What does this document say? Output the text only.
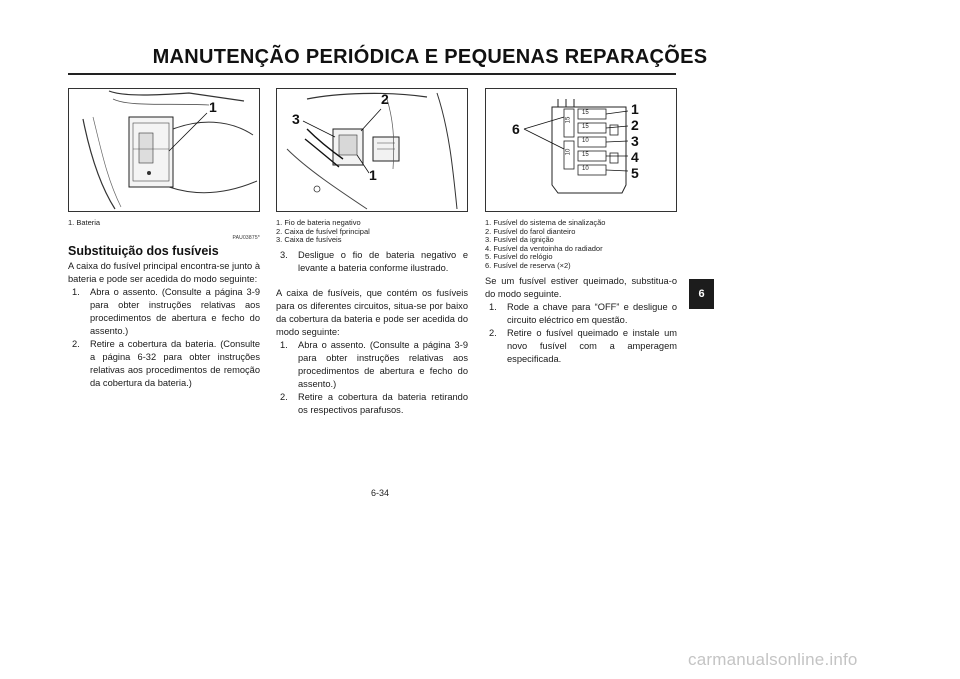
MANUTENÇÃO PERIÓDICA E PEQUENAS REPARAÇÕES
1
1. Bateria
PAU03875*
Substituição dos fusíveis
A caixa do fusível principal encontra-se junto à bateria e pode ser acedida do modo seguinte:
1. Abra o assento. (Consulte a página 3-9 para obter instruções relativas aos procedimentos de abertura e fecho do assento.)
2. Retire a cobertura da bateria. (Consulte a página 6-32 para obter instruções relativas aos procedimentos de remoção da cobertura da bateria.)
2
3
1
1. Fio de bateria negativo
2. Caixa de fusível fprincipal
3. Caixa de fusíveis
3. Desligue o fio de bateria negativo e levante a bateria conforme ilustrado.
A caixa de fusíveis, que contém os fusíveis para os diferentes circuitos, situa-se por baixo da cobertura da bateria e pode ser acedida do modo seguinte:
1. Abra o assento. (Consulte a página 3-9 para obter instruções relativas aos procedimentos de abertura e fecho do assento.)
2. Retire a cobertura da bateria retirando os respectivos parafusos.
15
15
10
15
10
15
10
1
2
3
4
5
6
1. Fusível do sistema de sinalização
2. Fusível do farol dianteiro
3. Fusível da ignição
4. Fusível da ventoinha do radiador
5. Fusível do relógio
6. Fusível de reserva (×2)
Se um fusível estiver queimado, substitua-o do modo seguinte.
1. Rode a chave para “OFF” e desligue o circuito eléctrico em questão.
2. Retire o fusível queimado e instale um novo fusível com a amperagem especificada.
6-34
6
carmanualsonline.info
